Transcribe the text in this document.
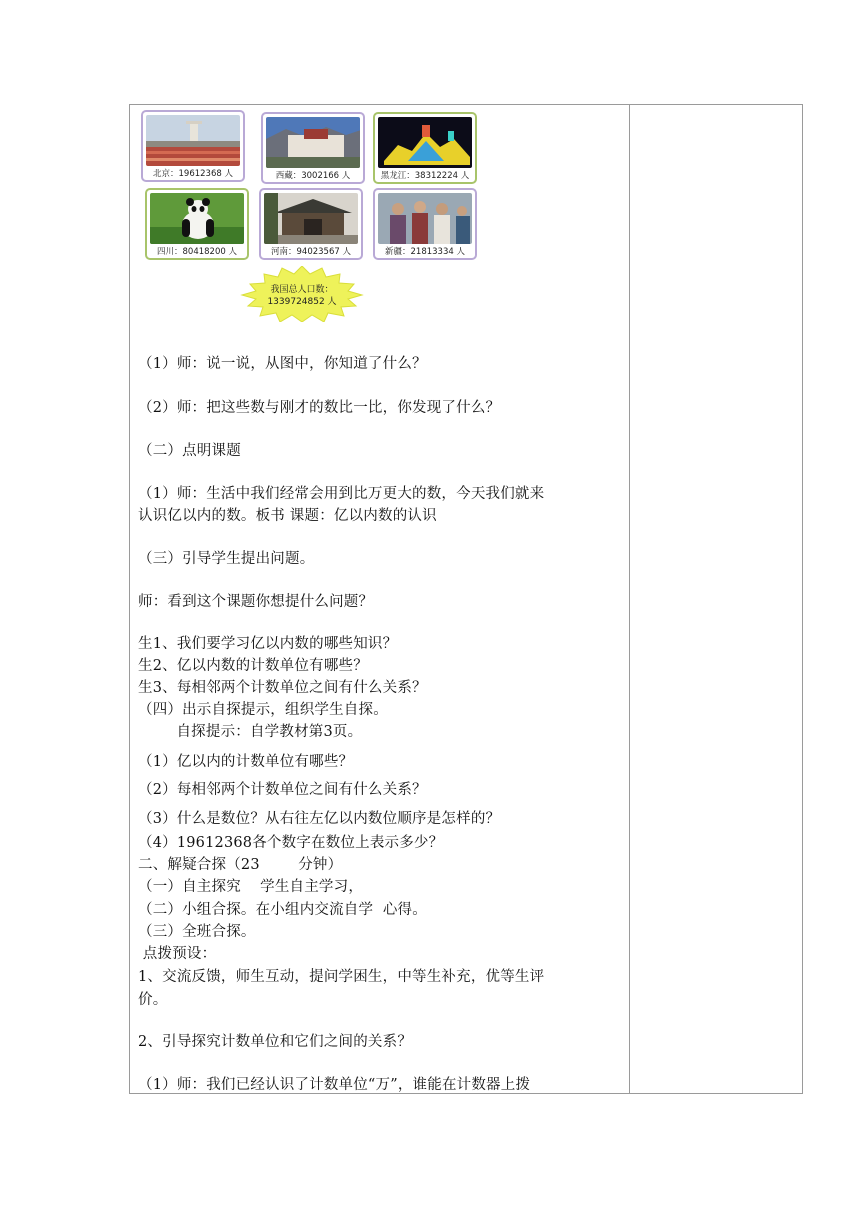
北京：19612368 人	西藏：3002166 人	黑龙江：38312224 人
四川：80418200 人	河南：94023567 人	新疆：21813334 人
我国总人口数：
1339724852 人
（1）师：说一说，从图中，你知道了什么？
（2）师：把这些数与刚才的数比一比，你发现了什么？
（二）点明课题
（1）师：生活中我们经常会用到比万更大的数，今天我们就来
认识亿以内的数。板书 课题：亿以内数的认识
（三）引导学生提出问题。
师：看到这个课题你想提什么问题？
生1、我们要学习亿以内数的哪些知识？
生2、亿以内数的计数单位有哪些？
生3、每相邻两个计数单位之间有什么关系？
（四）出示自探提示，组织学生自探。
自探提示：自学教材第3页。
（1）亿以内的计数单位有哪些？
（2）每相邻两个计数单位之间有什么关系？
（3）什么是数位？从右往左亿以内数位顺序是怎样的？
（4）19612368各个数字在数位上表示多少？
二、解疑合探（23        分钟）
（一）自主探究    学生自主学习，
（二）小组合探。在小组内交流自学  心得。
（三）全班合探。
点拨预设：
1、交流反馈，师生互动，提问学困生，中等生补充，优等生评
价。
2、引导探究计数单位和它们之间的关系？
（1）师：我们已经认识了计数单位“万”，谁能在计数器上拨
